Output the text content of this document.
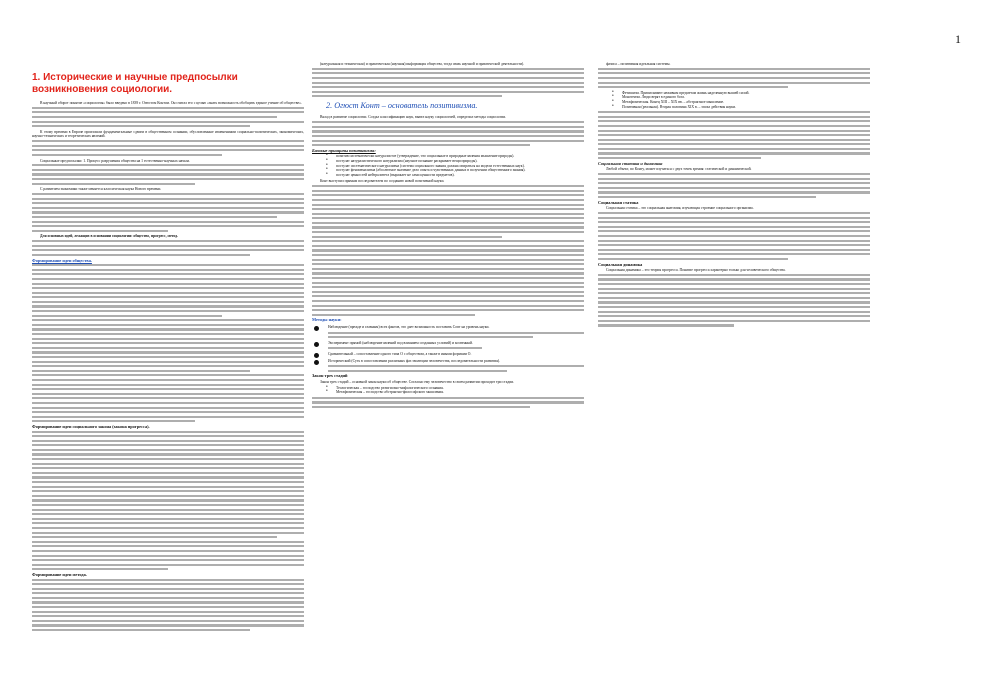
1
1. Исторические и научные предпосылки возникновения социологии.

В научный оборот понятие «социология» было введено в 1839 г. Огюстом Контом. Он считал его с целью «знать возможность обобщить единое учение об обществе».

К этому времени в Европе произошли фундаментальные сдвиги в общественном сознании, обусловленные изменениями социально-политических, экономических, научно-технических и теоретических явлений.

Социальные предпосылки: 1. Процесс разрушения общества на 1 естественно-научных начала.

С развитием экономики также меняется классическая наука Нового времени.

Для основных идей, лежащих в основании социологии: общество, прогресс, метод.

Формирование идеи общества.
Формирование идеи социального закона (закона прогресса).
Формирование идеи метода.

(натуральная и техническая) и практическая (научная) информация общества, тогда связь научной и практической деятельности).

2. Огюст Конт – основатель позитивизма.

Вклад в развитие социологии. Создал классификацию наук, вывел науку социологией, определил методы социологии.

Базовые принципы позитивизма:
• позитив систематически натуралистое (утверждение, что социальные в природные явления мышление природы).
• постулат натуралистического натурализма (научное познание раскрывает вещи природы).
• постулат систематического натурализма (система социального знания должна опираться на модели естественных наук).
• постулат феноменализма (абсолютное значение дело опыта и чувственных данных в получении общественного знания).
• постулат ценностей нейтралитета (выражает не сами ценности предметов).

Конт выступил прямым последователем по созданию новой позитивной науки.

Методы науки:
Наблюдение (прежде и главным) всех фактов, это дает возможность поставить Conт на уровень науки.
Эксперимент прямой (наблюдение явлений под влиянием созданных условий) и косвенный.
Сравнительный – сопоставление одного типа О с обществом, а также в иными формами О.
Исторический (Суть в сопоставлении различных фаз эволюции человечества, последовательности развития).
Закон трех стадий

Закон трех стадий – основной закон науки об обществе. Согласно ему человечество в своем развитии проходит три стадии.

• Теологическая – господство религиозно-мифологического сознания.
• Метафизическая – господство абстрактно-философского мышления.

фазиса – позитивная идеальная системы.

• Фетишизм. Приписывают неживым предметам жизнь наделенную вышей силой.
• Монотеизм. Люди верят в единого бога.
• Метафизическая. Конец XIII – XIX вв. – абстрактное мышление.
• Позитивная (реальная). Вторая половина XIX в. – эпоха действия науки.
Социальная статика и динамика

Любой объект, по Конту, может изучаться с двух точек зрения: статической и динамической.

Социальная статика

Социальная статика – это социальная анатомия, изучающая строение социального организма.

Социальная динамика

Социальная динамика – это теория прогресса. Понятие прогресса характерно только для человеческого общества.
